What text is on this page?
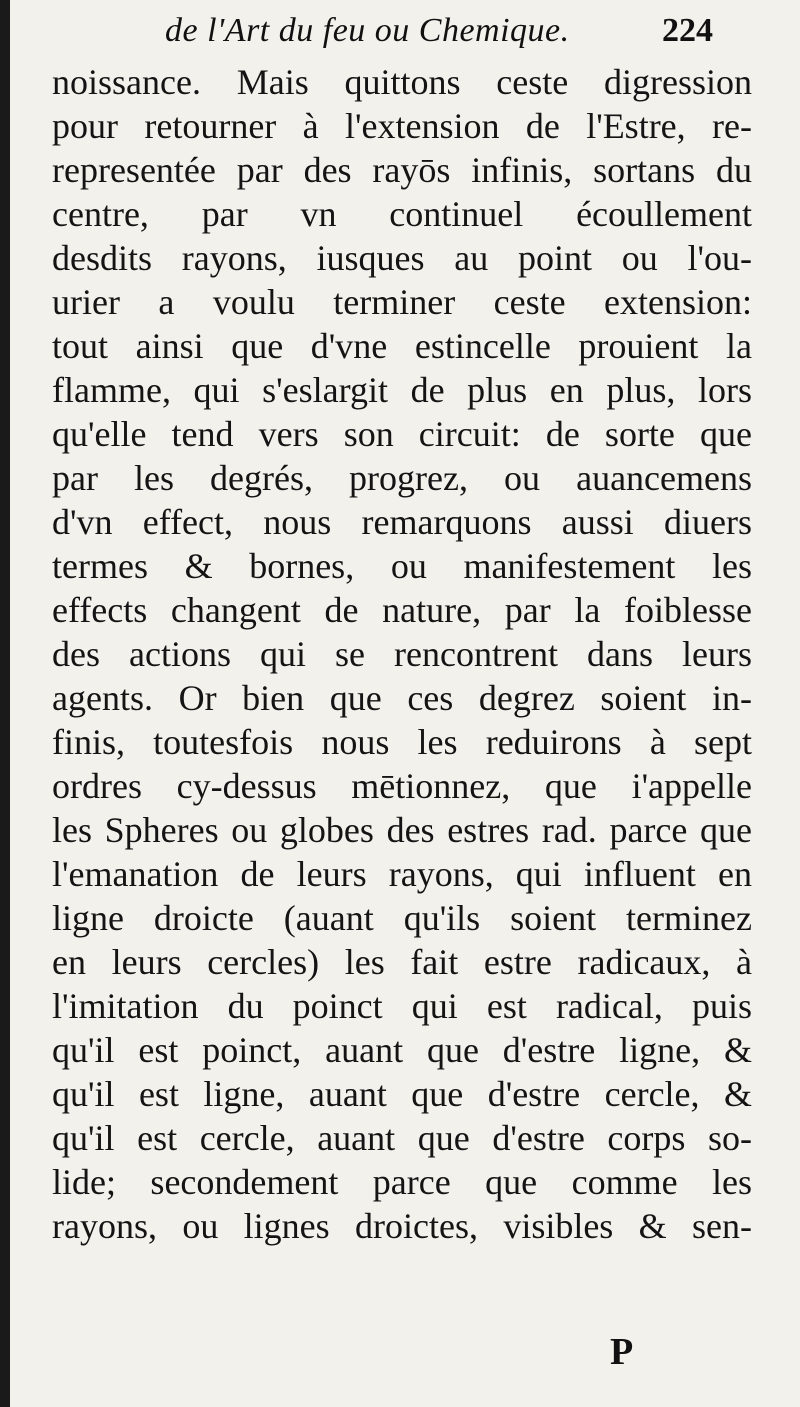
de l'Art du feu ou Chemique.	224
noissance. Mais quittons ceste digression
pour retourner à l'extension de l'Estre, re-
representée par des rayōs infinis, sortans du
centre, par vn continuel écoullement
desdits rayons, iusques au point ou l'ou-
urier a voulu terminer ceste extension:
tout ainsi que d'vne estincelle prouient la
flamme, qui s'eslargit de plus en plus, lors
qu'elle tend vers son circuit: de sorte que
par les degrés, progrez, ou auancemens
d'vn effect, nous remarquons aussi diuers
termes & bornes, ou manifestement les
effects changent de nature, par la foiblesse
des actions qui se rencontrent dans leurs
agents. Or bien que ces degrez soient in-
finis, toutesfois nous les reduirons à sept
ordres cy-dessus mētionnez, que i'appelle
les Spheres ou globes des estres rad. parce que
l'emanation de leurs rayons, qui influent en
ligne droicte (auant qu'ils soient terminez
en leurs cercles) les fait estre radicaux, à
l'imitation du poinct qui est radical, puis
qu'il est poinct, auant que d'estre ligne, &
qu'il est ligne, auant que d'estre cercle, &
qu'il est cercle, auant que d'estre corps so-
lide; secondement parce que comme les
rayons, ou lignes droictes, visibles & sen-
P
